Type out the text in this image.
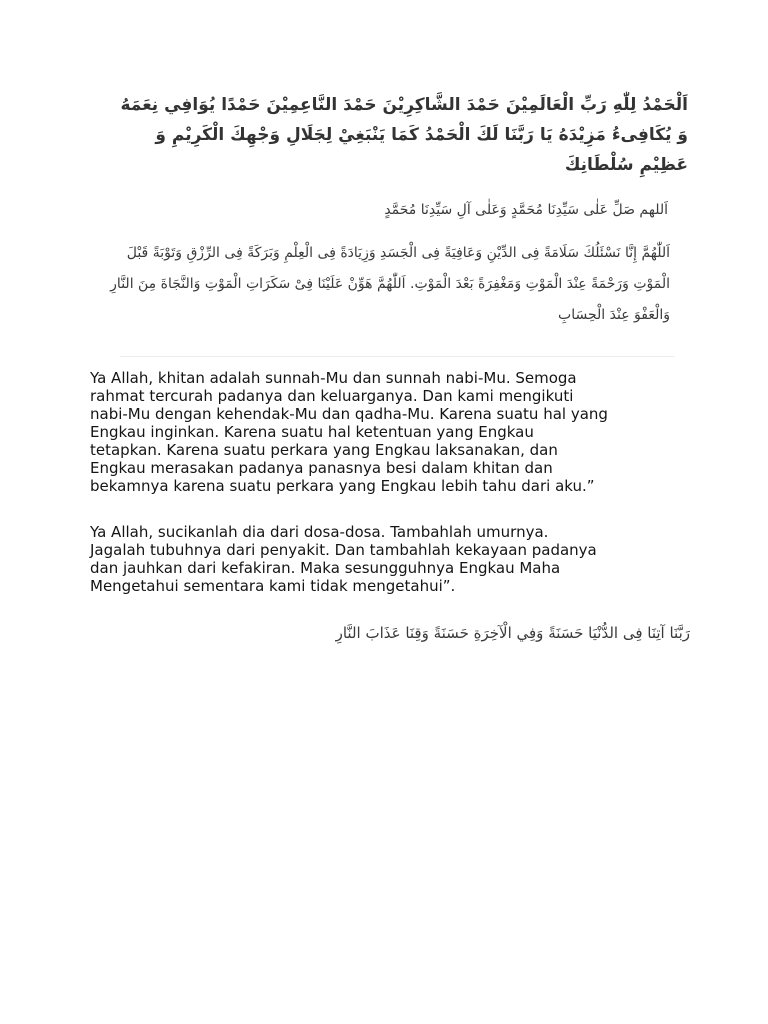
اَلْحَمْدُ لِلّٰهِ رَبِّ الْعَالَمِيْنَ حَمْدَ الشَّاكِرِيْنَ حَمْدَ النَّاعِمِيْنَ حَمْدًا يُوَافِي نِعَمَهُ وَ يُكَافِىءُ مَزِيْدَهُ يَا رَبَّنَا لَكَ الْحَمْدُ كَمَا يَنْبَغِيْ لِجَلَالِ وَجْهِكَ الْكَرِيْمِ وَ عَظِيْمِ سُلْطَانِكَ
اَللهم صَلِّ عَلٰى سَيِّدِنَا مُحَمَّدٍ وَعَلٰى آلِ سَيِّدِنَا مُحَمَّدٍ
اَللّٰهُمَّ إِنَّا نَسْئَلُكَ سَلَامَةً فِى الدِّيْنِ وَعَافِيَةً فِى الْجَسَدِ وَزِيَادَةً فِى الْعِلْمِ وَبَرَكَةً فِى الرِّزْقِ وَتَوْبَةً قَبْلَ الْمَوْتِ وَرَحْمَةً عِنْدَ الْمَوْتِ وَمَغْفِرَةً بَعْدَ الْمَوْتِ. اَللّٰهُمَّ هَوِّنْ عَلَيْنَا فِىْ سَكَرَاتِ الْمَوْتِ وَالنَّجَاةَ مِنَ النَّارِ وَالْعَفْوَ عِنْدَ الْحِسَابِ
Ya Allah, khitan adalah sunnah-Mu dan sunnah nabi-Mu. Semoga
rahmat tercurah padanya dan keluarganya. Dan kami mengikuti
nabi-Mu dengan kehendak-Mu dan qadha-Mu. Karena suatu hal yang
Engkau inginkan. Karena suatu hal ketentuan yang Engkau
tetapkan. Karena suatu perkara yang Engkau laksanakan, dan
Engkau merasakan padanya panasnya besi dalam khitan dan
bekamnya karena suatu perkara yang Engkau lebih tahu dari aku.”
Ya Allah, sucikanlah dia dari dosa-dosa. Tambahlah umurnya.
Jagalah tubuhnya dari penyakit. Dan tambahlah kekayaan padanya
dan jauhkan dari kefakiran. Maka sesungguhnya Engkau Maha
Mengetahui sementara kami tidak mengetahui”.
رَبَّنَا آتِنَا فِى الدُّنْيَا حَسَنَةً وَفِي الْآخِرَةِ حَسَنَةً وَقِنَا عَذَابَ النَّارِ
